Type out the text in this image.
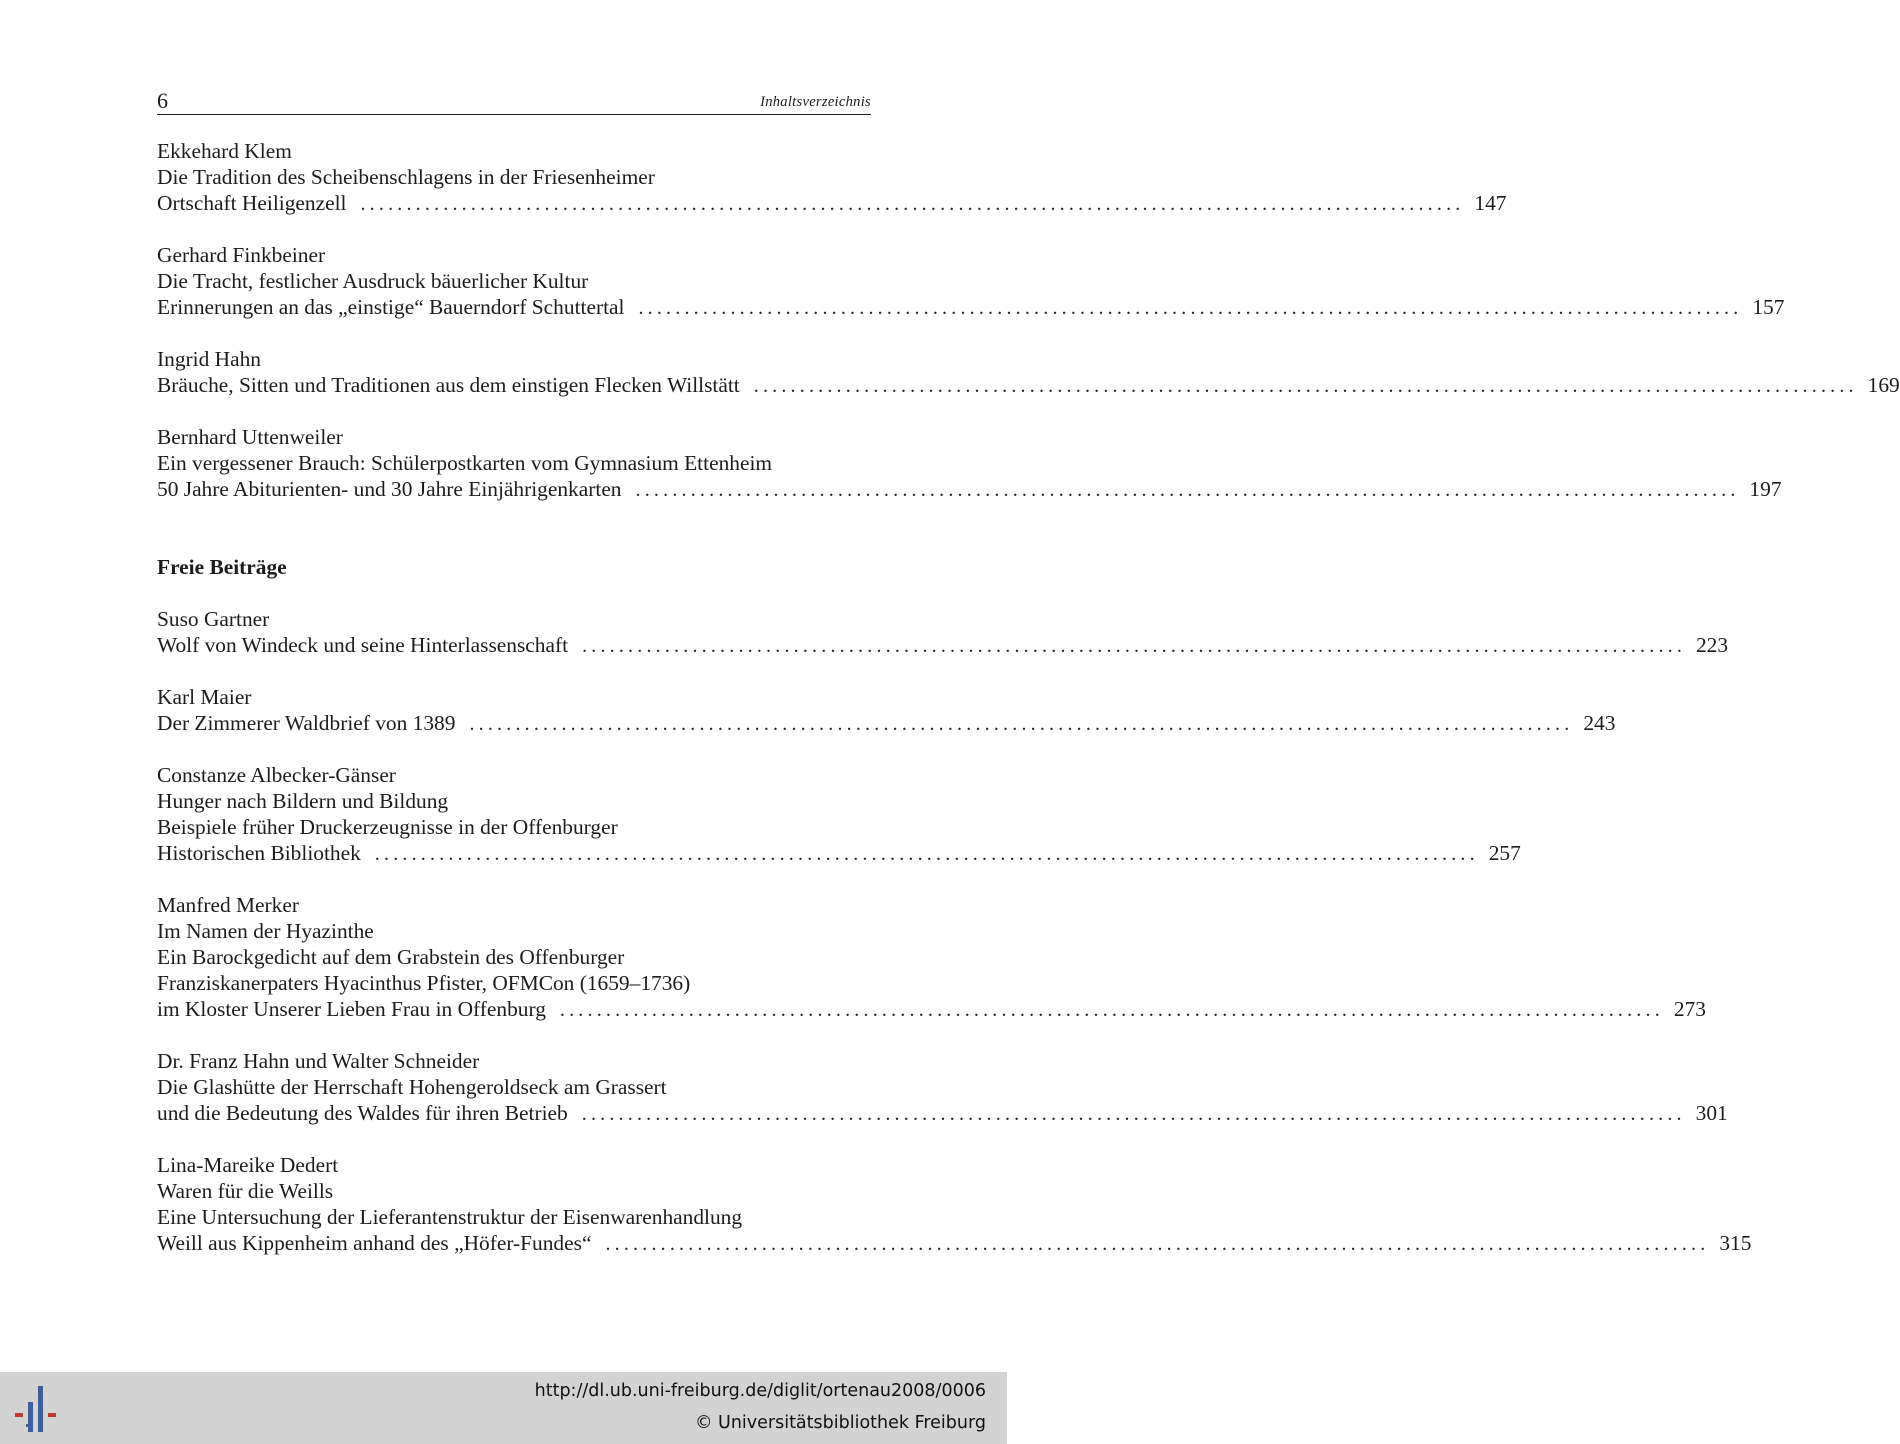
6	Inhaltsverzeichnis
Ekkehard Klem
Die Tradition des Scheibenschlagens in der Friesenheimer
Ortschaft Heiligenzell ........................................................................................................................ 147
Gerhard Finkbeiner
Die Tracht, festlicher Ausdruck bäuerlicher Kultur
Erinnerungen an das „einstige“ Bauerndorf Schuttertal ........................................................................................................................ 157
Ingrid Hahn
Bräuche, Sitten und Traditionen aus dem einstigen Flecken Willstätt ........................................................................................................................ 169
Bernhard Uttenweiler
Ein vergessener Brauch: Schülerpostkarten vom Gymnasium Ettenheim
50 Jahre Abiturienten- und 30 Jahre Einjährigenkarten ........................................................................................................................ 197
Freie Beiträge
Suso Gartner
Wolf von Windeck und seine Hinterlassenschaft ........................................................................................................................ 223
Karl Maier
Der Zimmerer Waldbrief von 1389 ........................................................................................................................ 243
Constanze Albecker-Gänser
Hunger nach Bildern und Bildung
Beispiele früher Druckerzeugnisse in der Offenburger
Historischen Bibliothek ........................................................................................................................ 257
Manfred Merker
Im Namen der Hyazinthe
Ein Barockgedicht auf dem Grabstein des Offenburger
Franziskanerpaters Hyacinthus Pfister, OFMCon (1659–1736)
im Kloster Unserer Lieben Frau in Offenburg ........................................................................................................................ 273
Dr. Franz Hahn und Walter Schneider
Die Glashütte der Herrschaft Hohengeroldseck am Grassert
und die Bedeutung des Waldes für ihren Betrieb ........................................................................................................................ 301
Lina-Mareike Dedert
Waren für die Weills
Eine Untersuchung der Lieferantenstruktur der Eisenwarenhandlung
Weill aus Kippenheim anhand des „Höfer-Fundes“ ........................................................................................................................ 315
http://dl.ub.uni-freiburg.de/diglit/ortenau2008/0006
© Universitätsbibliothek Freiburg
